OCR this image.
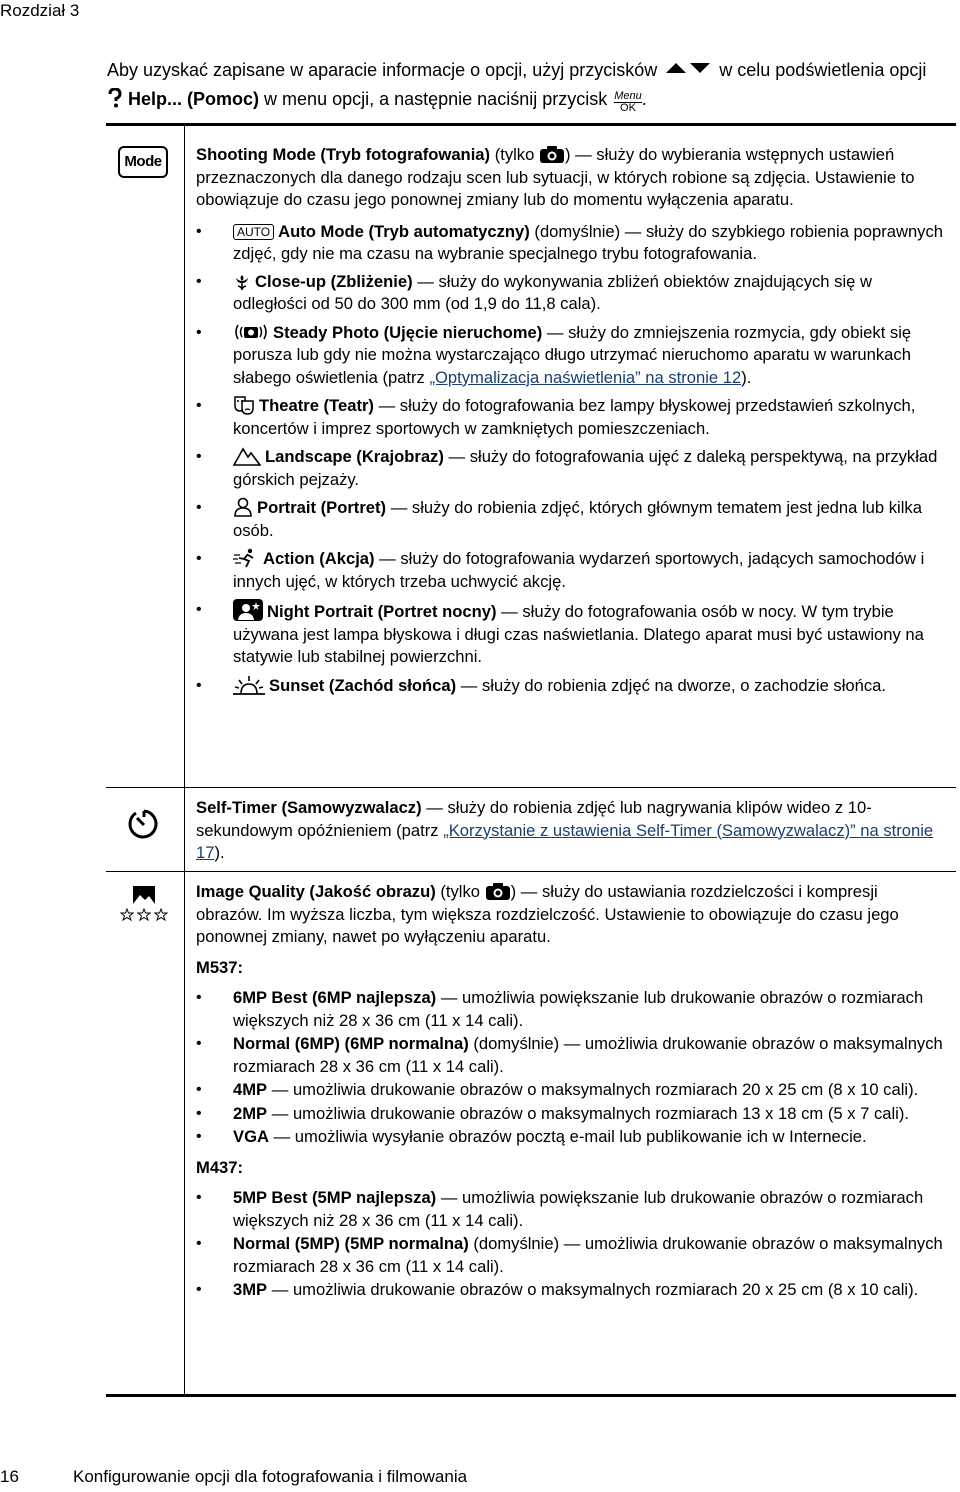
Rozdział 3
Aby uzyskać zapisane w aparacie informacje o opcji, użyj przycisków	w celu podświetlenia opcji  Help... (Pomoc) w menu opcji, a następnie naciśnij przycisk Menu
OK .
Mode	Shooting Mode (Tryb fotografowania) (tylko ) — służy do wybierania wstępnych ustawień przeznaczonych dla danego rodzaju scen lub sytuacji, w których robione są zdjęcia. Ustawienie to obowiązuje do czasu jego ponownej zmiany lub do momentu wyłączenia aparatu.

• AUTO Auto Mode (Tryb automatyczny) (domyślnie) — służy do szybkiego robienia poprawnych zdjęć, gdy nie ma czasu na wybranie specjalnego trybu fotografowania.
• Close-up (Zbliżenie) — służy do wykonywania zbliżeń obiektów znajdujących się w odległości od 50 do 300 mm (od 1,9 do 11,8 cala).
• Steady Photo (Ujęcie nieruchome) — służy do zmniejszenia rozmycia, gdy obiekt się porusza lub gdy nie można wystarczająco długo utrzymać nieruchomo aparatu w warunkach słabego oświetlenia (patrz „Optymalizacja naświetlenia” na stronie 12).
• Theatre (Teatr) — służy do fotografowania bez lampy błyskowej przedstawień szkolnych, koncertów i imprez sportowych w zamkniętych pomieszczeniach.
• Landscape (Krajobraz) — służy do fotografowania ujęć z daleką perspektywą, na przykład górskich pejzaży.
• Portrait (Portret) — służy do robienia zdjęć, których głównym tematem jest jedna lub kilka osób.
• Action (Akcja) — służy do fotografowania wydarzeń sportowych, jadących samochodów i innych ujęć, w których trzeba uchwycić akcję.
• Night Portrait (Portret nocny) — służy do fotografowania osób w nocy. W tym trybie używana jest lampa błyskowa i długi czas naświetlania. Dlatego aparat musi być ustawiony na statywie lub stabilnej powierzchni.
• Sunset (Zachód słońca) — służy do robienia zdjęć na dworze, o zachodzie słońca.

Self-Timer (Samowyzwalacz) — służy do robienia zdjęć lub nagrywania klipów wideo z 10-sekundowym opóźnieniem (patrz „Korzystanie z ustawienia Self-Timer (Samowyzwalacz)” na stronie 17).

Image Quality (Jakość obrazu) (tylko ) — służy do ustawiania rozdzielczości i kompresji obrazów. Im wyższa liczba, tym większa rozdzielczość. Ustawienie to obowiązuje do czasu jego ponownej zmiany, nawet po wyłączeniu aparatu.

M537:

• 6MP Best (6MP najlepsza) — umożliwia powiększanie lub drukowanie obrazów o rozmiarach większych niż 28 x 36 cm (11 x 14 cali).
• Normal (6MP) (6MP normalna) (domyślnie) — umożliwia drukowanie obrazów o maksymalnych rozmiarach 28 x 36 cm (11 x 14 cali).
• 4MP — umożliwia drukowanie obrazów o maksymalnych rozmiarach 20 x 25 cm (8 x 10 cali).
• 2MP — umożliwia drukowanie obrazów o maksymalnych rozmiarach 13 x 18 cm (5 x 7 cali).
• VGA — umożliwia wysyłanie obrazów pocztą e-mail lub publikowanie ich w Internecie.

M437:

• 5MP Best (5MP najlepsza) — umożliwia powiększanie lub drukowanie obrazów o rozmiarach większych niż 28 x 36 cm (11 x 14 cali).
• Normal (5MP) (5MP normalna) (domyślnie) — umożliwia drukowanie obrazów o maksymalnych rozmiarach 28 x 36 cm (11 x 14 cali).
• 3MP — umożliwia drukowanie obrazów o maksymalnych rozmiarach 20 x 25 cm (8 x 10 cali).
16	Konfigurowanie opcji dla fotografowania i filmowania
